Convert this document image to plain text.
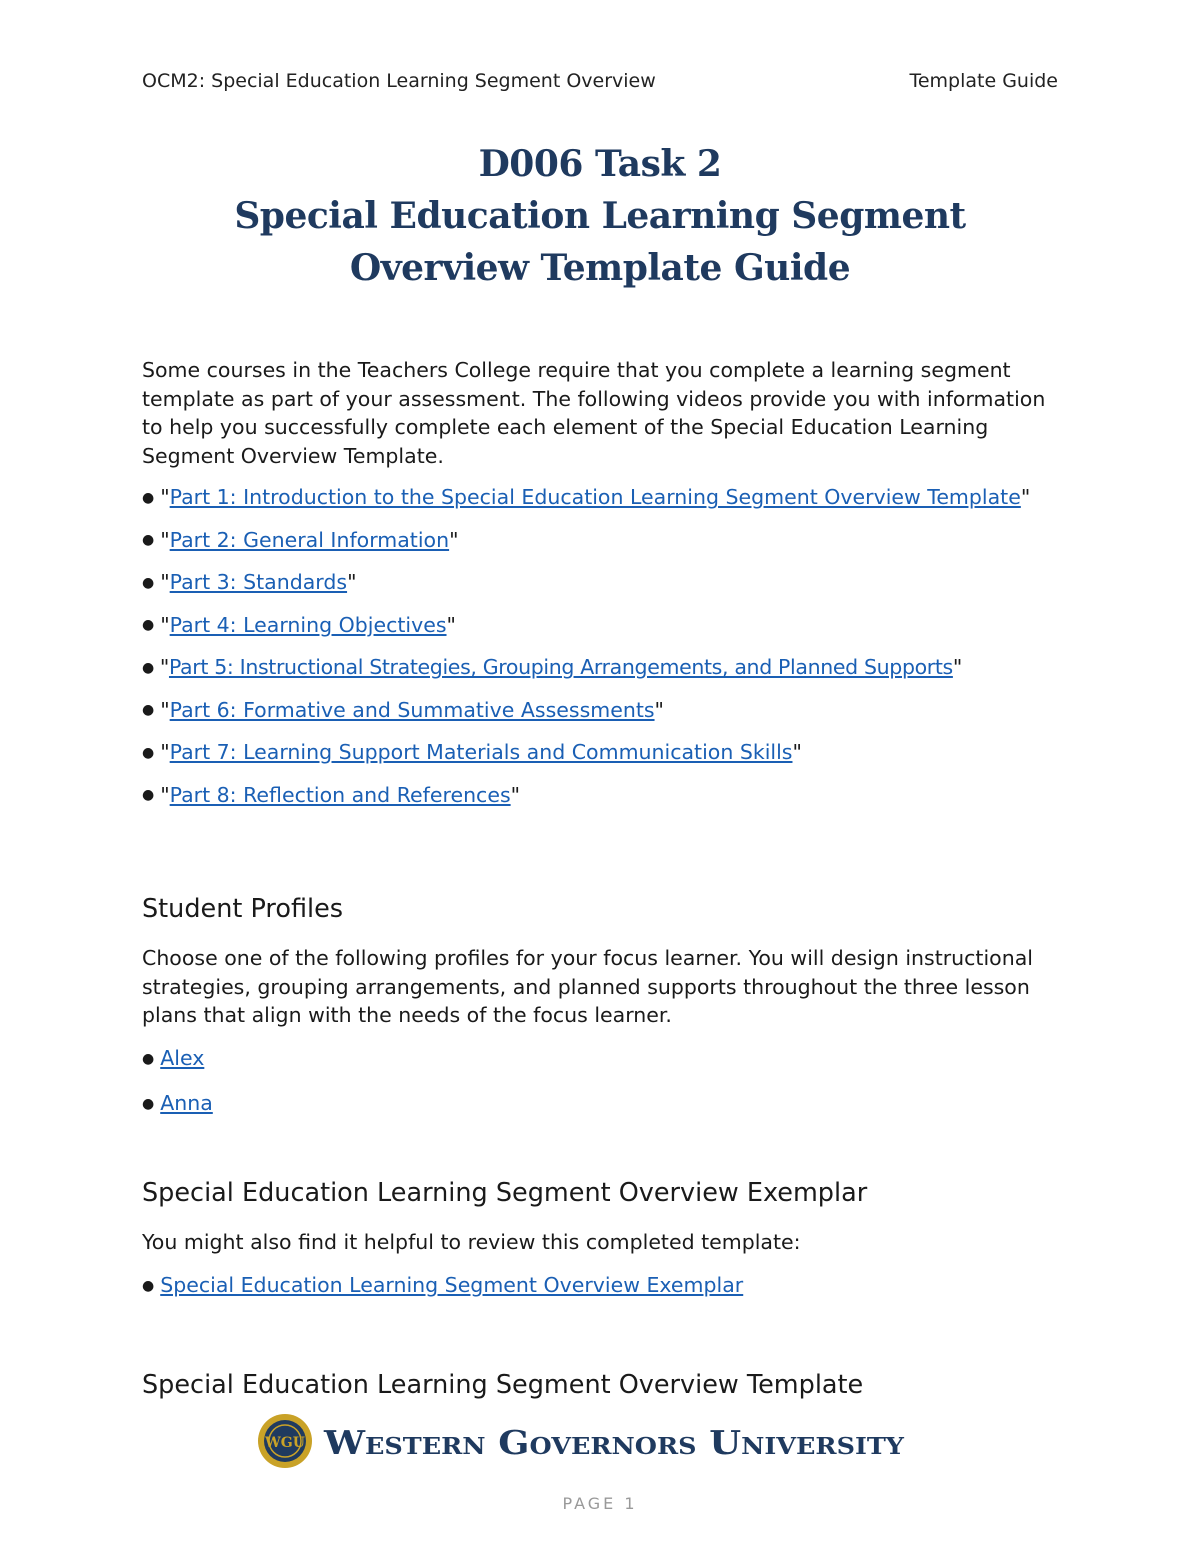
OCM2: Special Education Learning Segment Overview	Template Guide
D006 Task 2
Special Education Learning Segment
Overview Template Guide

Some courses in the Teachers College require that you complete a learning segment template as part of your assessment. The following videos provide you with information to help you successfully complete each element of the Special Education Learning Segment Overview Template.

● "Part 1: Introduction to the Special Education Learning Segment Overview Template"
● "Part 2: General Information"
● "Part 3: Standards"
● "Part 4: Learning Objectives"
● "Part 5: Instructional Strategies, Grouping Arrangements, and Planned Supports"
● "Part 6: Formative and Summative Assessments"
● "Part 7: Learning Support Materials and Communication Skills"
● "Part 8: Reflection and References"
Student Profiles

Choose one of the following profiles for your focus learner. You will design instructional strategies, grouping arrangements, and planned supports throughout the three lesson plans that align with the needs of the focus learner.

● Alex
● Anna
Special Education Learning Segment Overview Exemplar

You might also find it helpful to review this completed template:

● Special Education Learning Segment Overview Exemplar
Special Education Learning Segment Overview Template
WGU Western Governors University
PAGE 1
